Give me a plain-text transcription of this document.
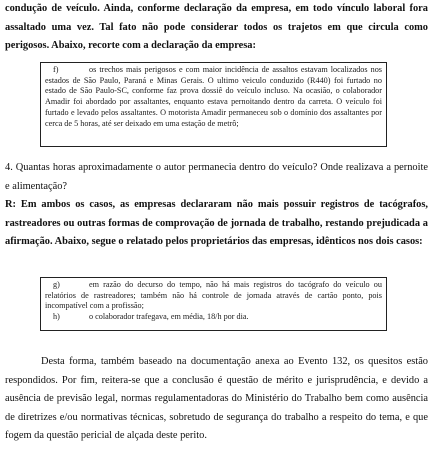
condução de veículo. Ainda, conforme declaração da empresa, em todo vínculo laboral fora assaltado uma vez. Tal fato não pode considerar todos os trajetos em que circula como perigosos. Abaixo, recorte com a declaração da empresa:

f)	os trechos mais perigosos e com maior incidência de assaltos estavam localizados nos estados de São Paulo, Paraná e Minas Gerais. O ultimo veiculo conduzido (R440) foi furtado no estado de São Paulo-SC, conforme faz prova dossiê do veículo incluso. Na ocasião, o colaborador Amadir foi abordado por assaltantes, enquanto estava pernoitando dentro da carreta. O veículo foi furtado e levado pelos assaltantes. O motorista Amadir permaneceu sob o domínio dos assaltantes por cerca de 5 horas, até ser deixado em uma estação de metrô;

4. Quantas horas aproximadamente o autor permanecia dentro do veículo? Onde realizava a pernoite e alimentação?

R: Em ambos os casos, as empresas declararam não mais possuir registros de tacógrafos, rastreadores ou outras formas de comprovação de jornada de trabalho, restando prejudicada a afirmação. Abaixo, segue o relatado pelos proprietários das empresas, idênticos nos dois casos:

g)	em razão do decurso do tempo, não há mais registros do tacógrafo do veículo ou relatórios de rastreadores; também não há controle de jornada através de cartão ponto, pois incompatível com a profissão;

h)	o colaborador trafegava, em média, 18/h por dia.

Desta forma, também baseado na documentação anexa ao Evento 132, os quesitos estão respondidos. Por fim, reitera-se que a conclusão é questão de mérito e jurisprudência, e devido a ausência de previsão legal, normas regulamentadoras do Ministério do Trabalho bem como ausência de diretrizes e/ou normativas técnicas, sobretudo de segurança do trabalho a respeito do tema, e que fogem da questão pericial de alçada deste perito.
